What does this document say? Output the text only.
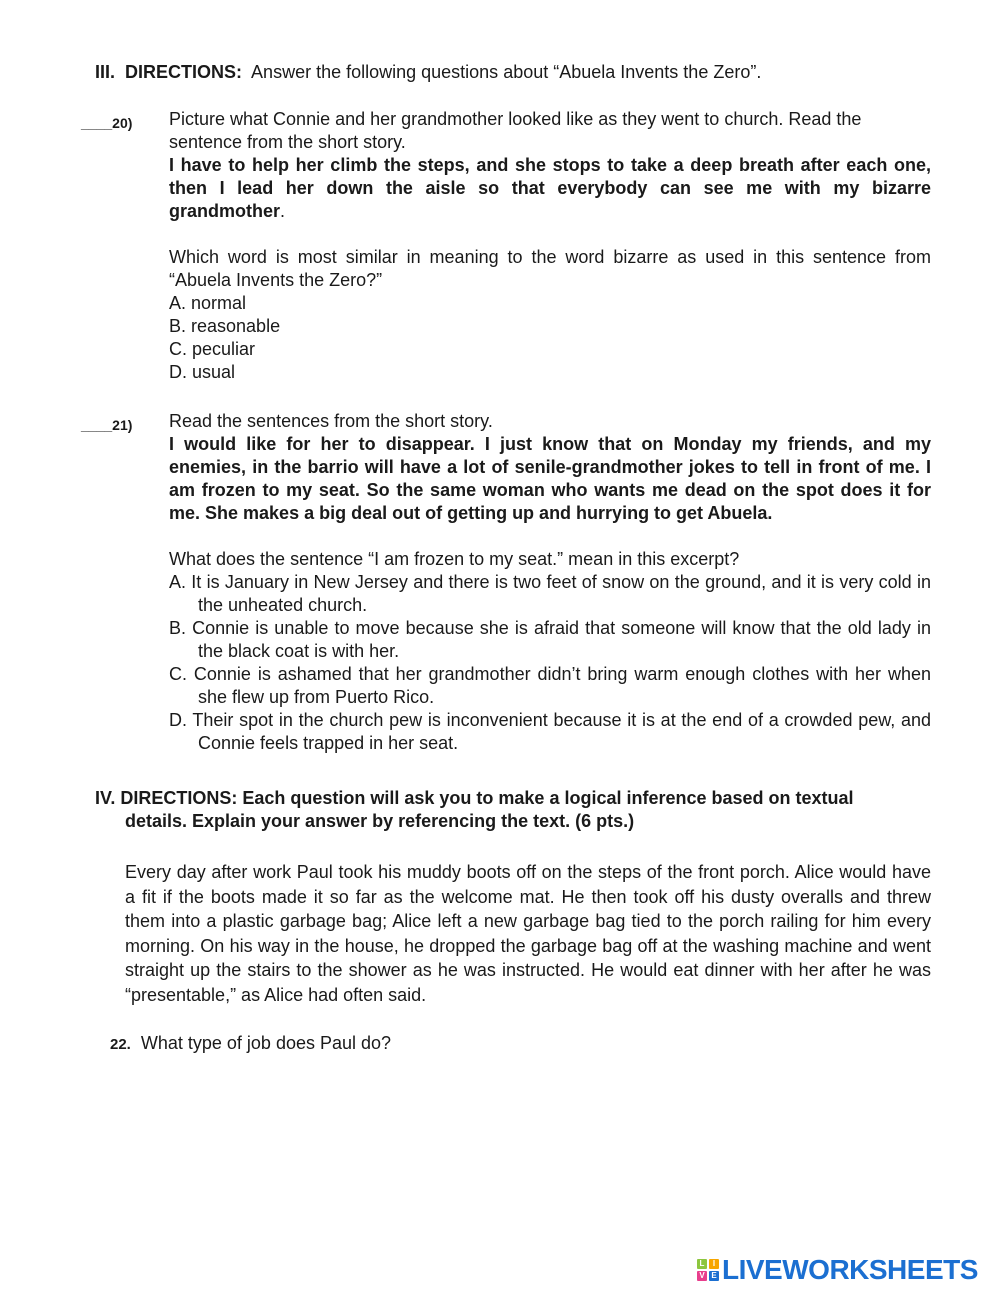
III. DIRECTIONS: Answer the following questions about “Abuela Invents the Zero”.
____20) Picture what Connie and her grandmother looked like as they went to church. Read the sentence from the short story.

I have to help her climb the steps, and she stops to take a deep breath after each one, then I lead her down the aisle so that everybody can see me with my bizarre grandmother.

Which word is most similar in meaning to the word bizarre as used in this sentence from “Abuela Invents the Zero?”

A. normal

B. reasonable

C. peculiar

D. usual

____21) Read the sentences from the short story.

I would like for her to disappear. I just know that on Monday my friends, and my enemies, in the barrio will have a lot of senile-grandmother jokes to tell in front of me. I am frozen to my seat. So the same woman who wants me dead on the spot does it for me. She makes a big deal out of getting up and hurrying to get Abuela.

What does the sentence “I am frozen to my seat.” mean in this excerpt?

A. It is January in New Jersey and there is two feet of snow on the ground, and it is very cold in the unheated church.

B. Connie is unable to move because she is afraid that someone will know that the old lady in the black coat is with her.

C. Connie is ashamed that her grandmother didn’t bring warm enough clothes with her when she flew up from Puerto Rico.

D. Their spot in the church pew is inconvenient because it is at the end of a crowded pew, and Connie feels trapped in her seat.

IV. DIRECTIONS: Each question will ask you to make a logical inference based on textual
details. Explain your answer by referencing the text. (6 pts.)
Every day after work Paul took his muddy boots off on the steps of the front porch. Alice would have a fit if the boots made it so far as the welcome mat. He then took off his dusty overalls and threw them into a plastic garbage bag; Alice left a new garbage bag tied to the porch railing for him every morning. On his way in the house, he dropped the garbage bag off at the washing machine and went straight up the stairs to the shower as he was instructed. He would eat dinner with her after he was “presentable,” as Alice had often said.
22. What type of job does Paul do?
L	I
V E LIVEWORKSHEETS
